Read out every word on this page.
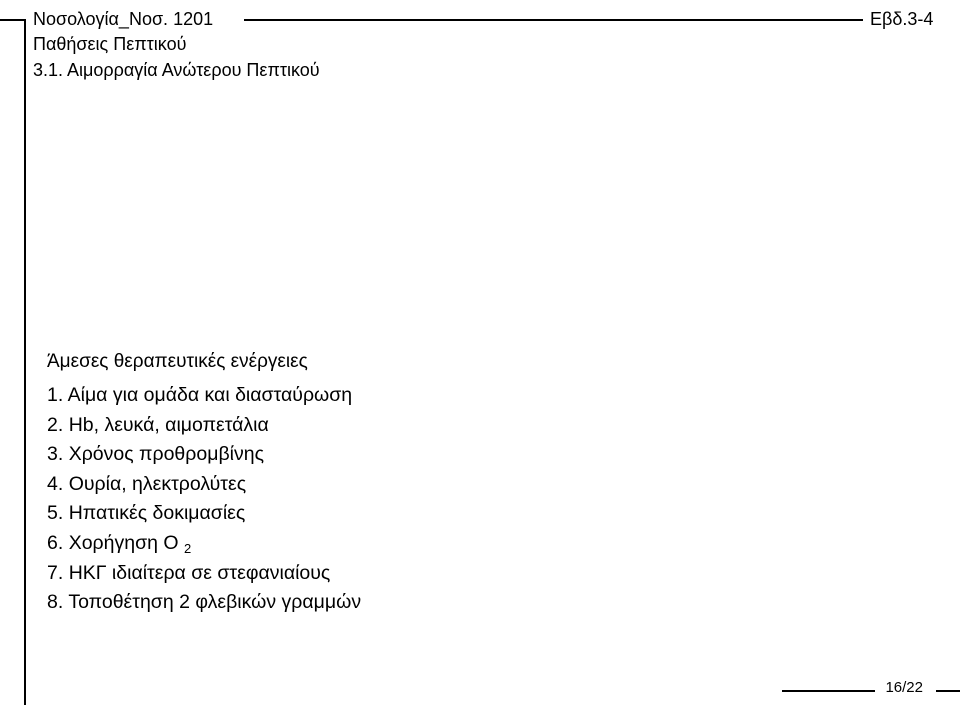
Νοσολογία_Νοσ. 1201	Εβδ.3-4
Παθήσεις Πεπτικού
3.1. Αιμορραγία Ανώτερου Πεπτικού
Άμεσες θεραπευτικές ενέργειες
1. Αίμα για ομάδα και διασταύρωση
2. Hb, λευκά, αιμοπετάλια
3. Χρόνος προθρομβίνης
4. Ουρία, ηλεκτρολύτες
5. Ηπατικές δοκιμασίες
6. Χορήγηση O $_2$
7. ΗΚΓ ιδιαίτερα σε στεφανιαίους
8. Τοποθέτηση 2 φλεβικών γραμμών
16/22
